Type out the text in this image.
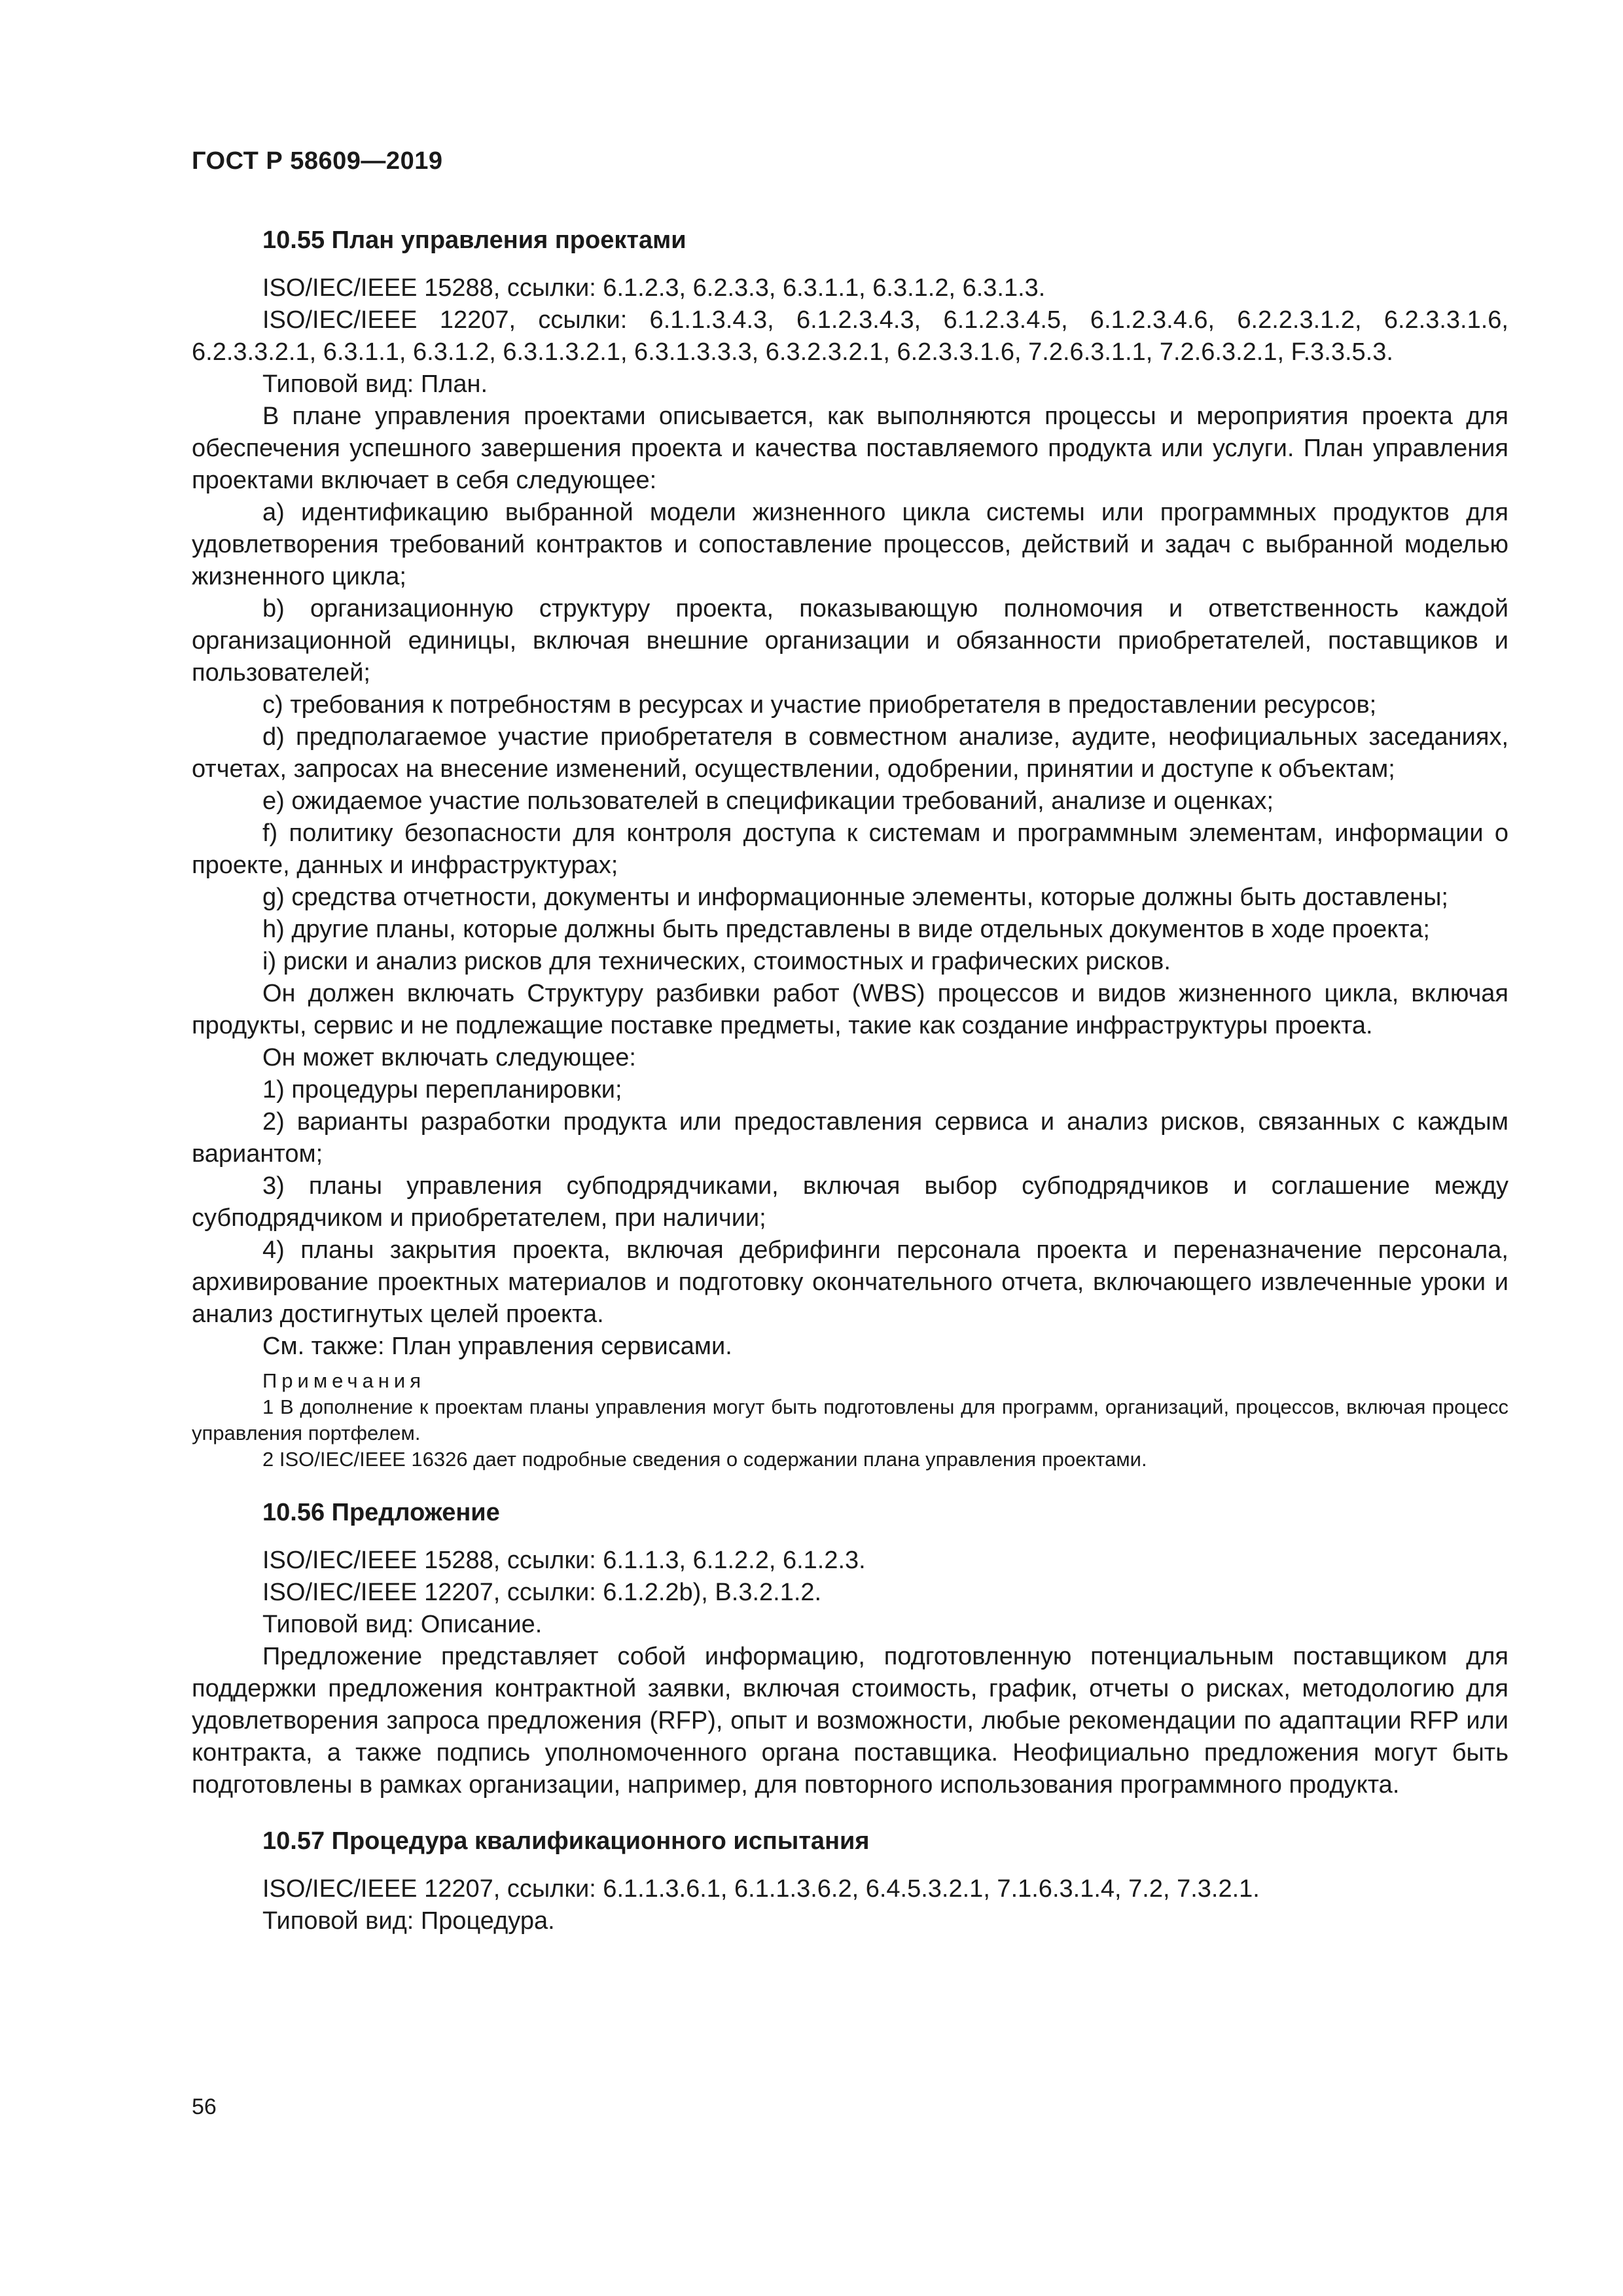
ГОСТ Р 58609—2019
10.55 План управления проектами

ISO/IEC/IEEE 15288, ссылки: 6.1.2.3, 6.2.3.3, 6.3.1.1, 6.3.1.2, 6.3.1.3.

ISO/IEC/IEEE 12207, ссылки: 6.1.1.3.4.3, 6.1.2.3.4.3, 6.1.2.3.4.5, 6.1.2.3.4.6, 6.2.2.3.1.2, 6.2.3.3.1.6, 6.2.3.3.2.1, 6.3.1.1, 6.3.1.2, 6.3.1.3.2.1, 6.3.1.3.3.3, 6.3.2.3.2.1, 6.2.3.3.1.6, 7.2.6.3.1.1, 7.2.6.3.2.1, F.3.3.5.3.

Типовой вид: План.

В плане управления проектами описывается, как выполняются процессы и мероприятия проекта для обеспечения успешного завершения проекта и качества поставляемого продукта или услуги. План управления проектами включает в себя следующее:

a) идентификацию выбранной модели жизненного цикла системы или программных продуктов для удовлетворения требований контрактов и сопоставление процессов, действий и задач с выбранной моделью жизненного цикла;

b) организационную структуру проекта, показывающую полномочия и ответственность каждой организационной единицы, включая внешние организации и обязанности приобретателей, поставщиков и пользователей;

c) требования к потребностям в ресурсах и участие приобретателя в предоставлении ресурсов;

d) предполагаемое участие приобретателя в совместном анализе, аудите, неофициальных заседаниях, отчетах, запросах на внесение изменений, осуществлении, одобрении, принятии и доступе к объектам;

e) ожидаемое участие пользователей в спецификации требований, анализе и оценках;

f) политику безопасности для контроля доступа к системам и программным элементам, информации о проекте, данных и инфраструктурах;

g) средства отчетности, документы и информационные элементы, которые должны быть доставлены;

h) другие планы, которые должны быть представлены в виде отдельных документов в ходе проекта;

i) риски и анализ рисков для технических, стоимостных и графических рисков.

Он должен включать Структуру разбивки работ (WBS) процессов и видов жизненного цикла, включая продукты, сервис и не подлежащие поставке предметы, такие как создание инфраструктуры проекта.

Он может включать следующее:

1) процедуры перепланировки;

2) варианты разработки продукта или предоставления сервиса и анализ рисков, связанных с каждым вариантом;

3) планы управления субподрядчиками, включая выбор субподрядчиков и соглашение между субподрядчиком и приобретателем, при наличии;

4) планы закрытия проекта, включая дебрифинги персонала проекта и переназначение персонала, архивирование проектных материалов и подготовку окончательного отчета, включающего извлеченные уроки и анализ достигнутых целей проекта.

См. также: План управления сервисами.

Примечания

1 В дополнение к проектам планы управления могут быть подготовлены для программ, организаций, процессов, включая процесс управления портфелем.

2 ISO/IEC/IEEE 16326 дает подробные сведения о содержании плана управления проектами.

10.56 Предложение

ISO/IEC/IEEE 15288, ссылки: 6.1.1.3, 6.1.2.2, 6.1.2.3.

ISO/IEC/IEEE 12207, ссылки: 6.1.2.2b), B.3.2.1.2.

Типовой вид: Описание.

Предложение представляет собой информацию, подготовленную потенциальным поставщиком для поддержки предложения контрактной заявки, включая стоимость, график, отчеты о рисках, методологию для удовлетворения запроса предложения (RFP), опыт и возможности, любые рекомендации по адаптации RFP или контракта, а также подпись уполномоченного органа поставщика. Неофициально предложения могут быть подготовлены в рамках организации, например, для повторного использования программного продукта.

10.57 Процедура квалификационного испытания

ISO/IEC/IEEE 12207, ссылки: 6.1.1.3.6.1, 6.1.1.3.6.2, 6.4.5.3.2.1, 7.1.6.3.1.4, 7.2, 7.3.2.1.

Типовой вид: Процедура.

56
